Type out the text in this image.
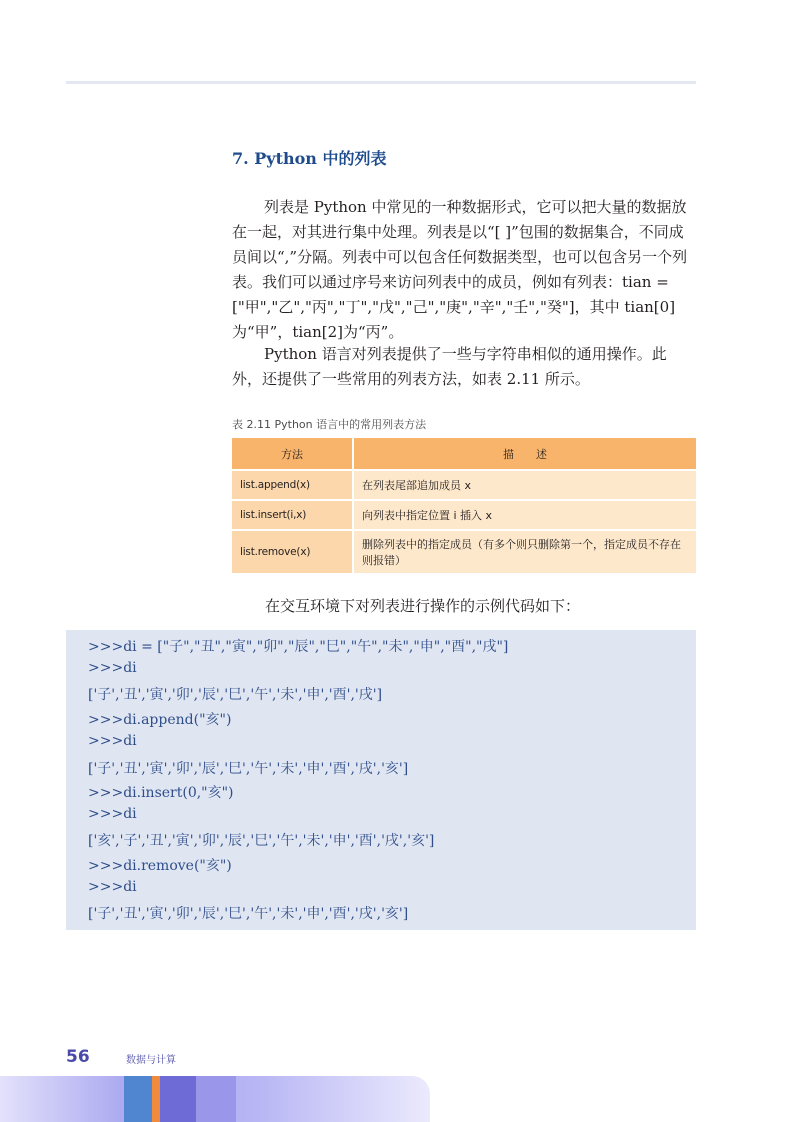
7. Python 中的列表

列表是 Python 中常见的一种数据形式，它可以把大量的数据放在一起，对其进行集中处理。列表是以“[ ]”包围的数据集合，不同成员间以“,”分隔。列表中可以包含任何数据类型，也可以包含另一个列表。我们可以通过序号来访问列表中的成员，例如有列表：tian = ["甲","乙","丙","丁","戊","己","庚","辛","壬","癸"]，其中 tian[0]为“甲”，tian[2]为“丙”。

Python 语言对列表提供了一些与字符串相似的通用操作。此外，还提供了一些常用的列表方法，如表 2.11 所示。

表 2.11 Python 语言中的常用列表方法
方法	描　　述
list.append(x)	在列表尾部追加成员 x
list.insert(i,x)	向列表中指定位置 i 插入 x
list.remove(x)	删除列表中的指定成员（有多个则只删除第一个，指定成员不存在则报错）
在交互环境下对列表进行操作的示例代码如下：
>>>di = ["子","丑","寅","卯","辰","巳","午","未","申","酉","戌"]
>>>di
['子','丑','寅','卯','辰','巳','午','未','申','酉','戌']
>>>di.append("亥")
>>>di
['子','丑','寅','卯','辰','巳','午','未','申','酉','戌','亥']
>>>di.insert(0,"亥")
>>>di
['亥','子','丑','寅','卯','辰','巳','午','未','申','酉','戌','亥']
>>>di.remove("亥")
>>>di
['子','丑','寅','卯','辰','巳','午','未','申','酉','戌','亥']
56	数据与计算
